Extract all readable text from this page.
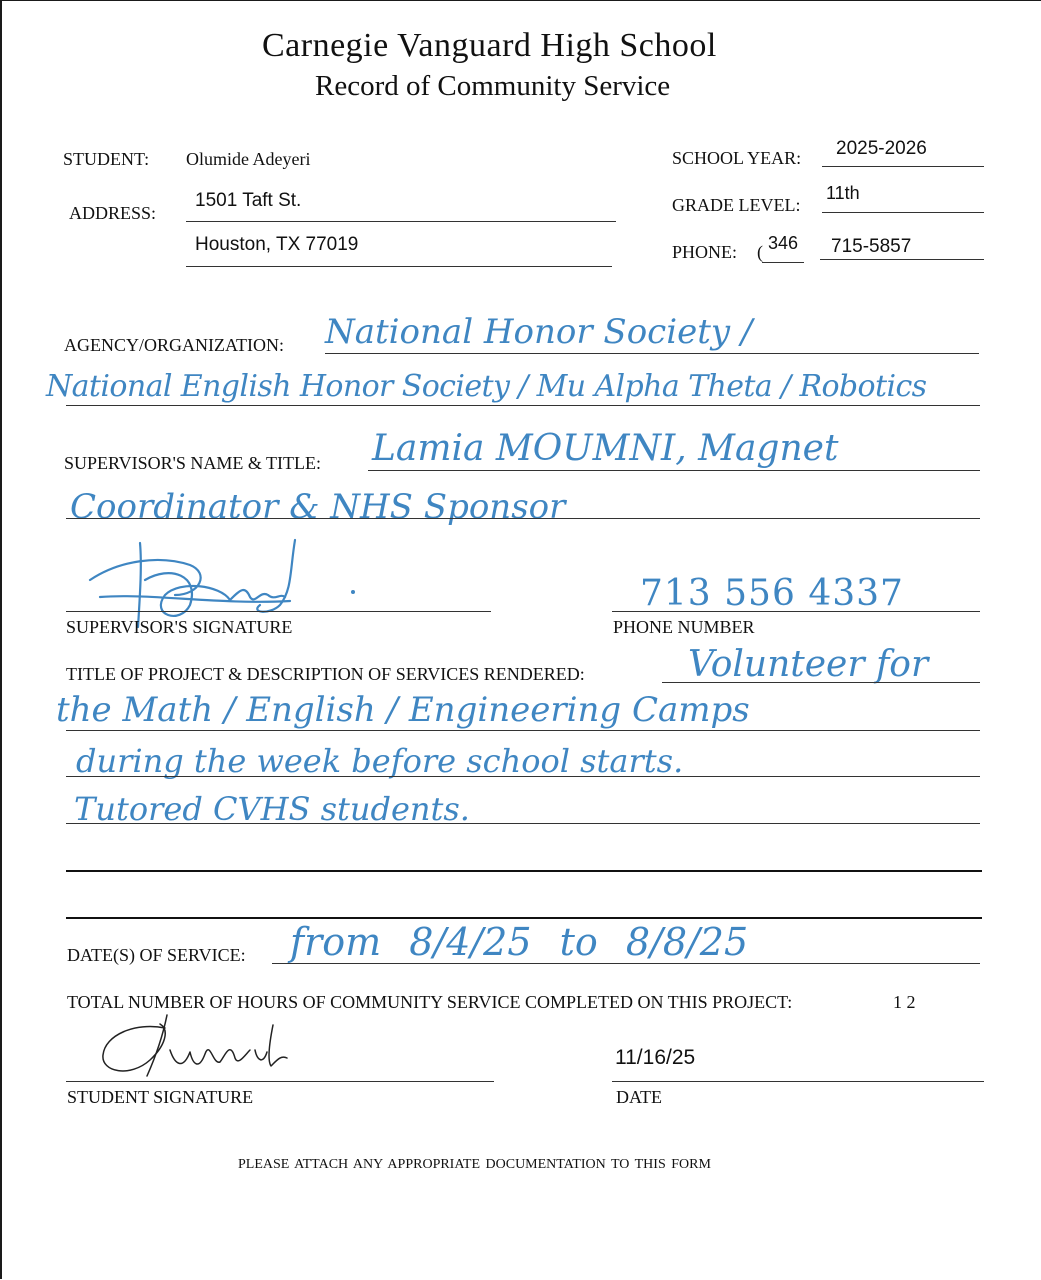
Carnegie Vanguard High School
Record of Community Service
STUDENT: Olumide Adeyeri	SCHOOL YEAR: 2025-2026
ADDRESS:
1501 Taft St.
Houston, TX 77019
GRADE LEVEL:
11th
PHONE: ( 346 715-5857
AGENCY/ORGANIZATION: National Honor Society /
National English Honor Society / Mu Alpha Theta / Robotics
SUPERVISOR'S NAME & TITLE: Lamia MOUMNI, Magnet
Coordinator & NHS Sponsor
SUPERVISOR'S SIGNATURE
713 556 4337
PHONE NUMBER
TITLE OF PROJECT & DESCRIPTION OF SERVICES RENDERED:	Volunteer for
the Math / English / Engineering Camps
during the week before school starts.
Tutored CVHS students.
DATE(S) OF SERVICE: from 8/4/25 to 8/8/25
TOTAL NUMBER OF HOURS OF COMMUNITY SERVICE COMPLETED ON THIS PROJECT:	1 2
STUDENT SIGNATURE
11/16/25
DATE
PLEASE ATTACH ANY APPROPRIATE DOCUMENTATION TO THIS FORM
